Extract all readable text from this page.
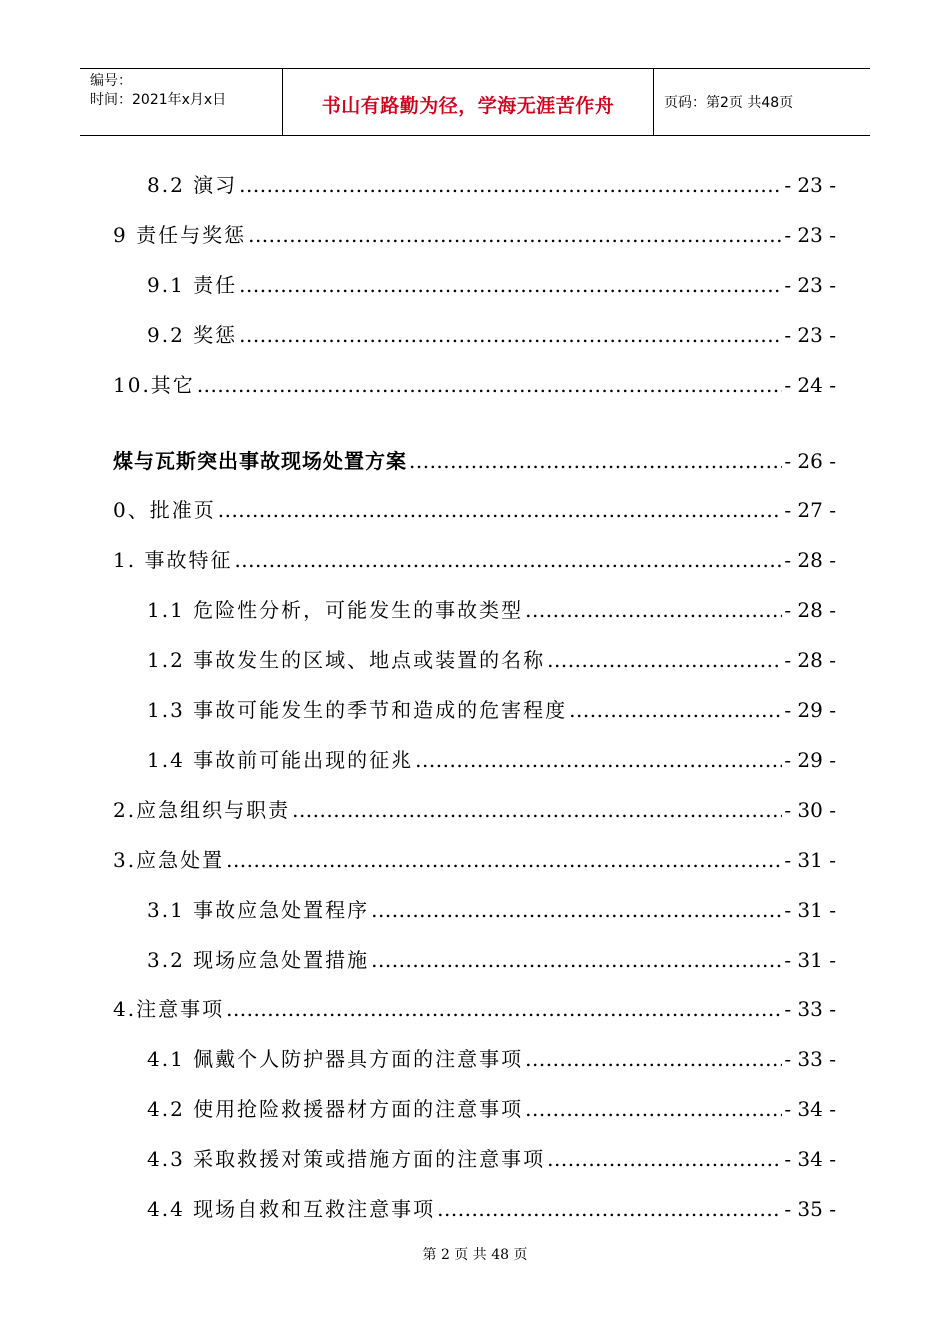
编号：
时间：2021年x月x日	书山有路勤为径，学海无涯苦作舟	页码：第2页 共48页
8.2 演习 .....	- 23 -
9 责任与奖惩 .....	- 23 -
9.1 责任 .....	- 23 -
9.2 奖惩 .....	- 23 -
10.其它 .....	- 24 -
煤与瓦斯突出事故现场处置方案 .....	- 26 -
0、批准页 .....	- 27 -
1. 事故特征 .....	- 28 -
1.1 危险性分析，可能发生的事故类型 .....	- 28 -
1.2 事故发生的区域、地点或装置的名称 .....	- 28 -
1.3 事故可能发生的季节和造成的危害程度 .....	- 29 -
1.4 事故前可能出现的征兆 .....	- 29 -
2.应急组织与职责 .....	- 30 -
3.应急处置 .....	- 31 -
3.1 事故应急处置程序 .....	- 31 -
3.2 现场应急处置措施 .....	- 31 -
4.注意事项 .....	- 33 -
4.1 佩戴个人防护器具方面的注意事项 .....	- 33 -
4.2 使用抢险救援器材方面的注意事项 .....	- 34 -
4.3 采取救援对策或措施方面的注意事项 .....	- 34 -
4.4 现场自救和互救注意事项 .....	- 35 -
第 2 页 共 48 页
